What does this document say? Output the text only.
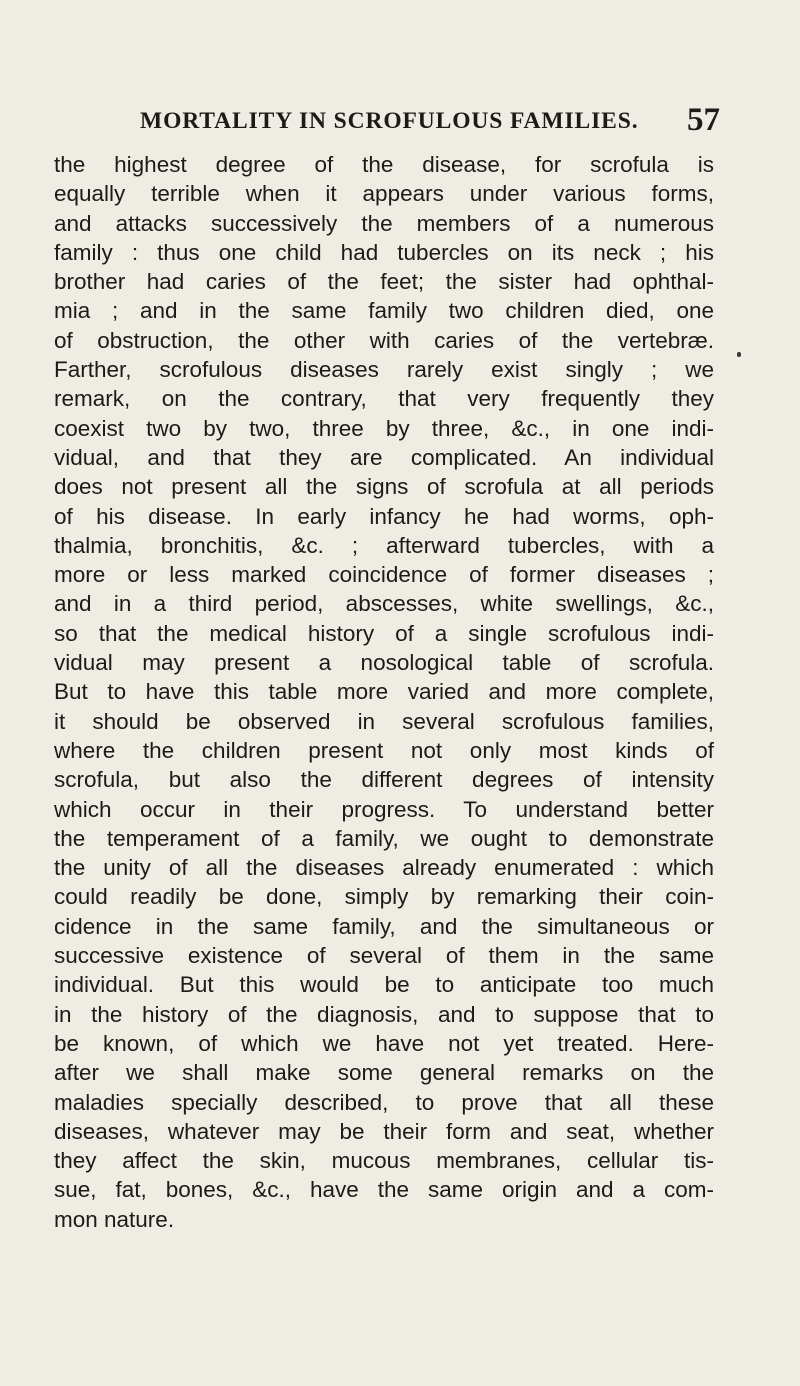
MORTALITY IN SCROFULOUS FAMILIES. 57
the highest degree of the disease, for scrofula is
equally terrible when it appears under various forms,
and attacks successively the members of a numerous
family : thus one child had tubercles on its neck ; his
brother had caries of the feet; the sister had ophthal-
mia ; and in the same family two children died, one
of obstruction, the other with caries of the vertebræ.
Farther, scrofulous diseases rarely exist singly ; we
remark, on the contrary, that very frequently they
coexist two by two, three by three, &c., in one indi-
vidual, and that they are complicated. An individual
does not present all the signs of scrofula at all periods
of his disease. In early infancy he had worms, oph-
thalmia, bronchitis, &c. ; afterward tubercles, with a
more or less marked coincidence of former diseases ;
and in a third period, abscesses, white swellings, &c.,
so that the medical history of a single scrofulous indi-
vidual may present a nosological table of scrofula.
But to have this table more varied and more complete,
it should be observed in several scrofulous families,
where the children present not only most kinds of
scrofula, but also the different degrees of intensity
which occur in their progress. To understand better
the temperament of a family, we ought to demonstrate
the unity of all the diseases already enumerated : which
could readily be done, simply by remarking their coin-
cidence in the same family, and the simultaneous or
successive existence of several of them in the same
individual. But this would be to anticipate too much
in the history of the diagnosis, and to suppose that to
be known, of which we have not yet treated. Here-
after we shall make some general remarks on the
maladies specially described, to prove that all these
diseases, whatever may be their form and seat, whether
they affect the skin, mucous membranes, cellular tis-
sue, fat, bones, &c., have the same origin and a com-
mon nature.
